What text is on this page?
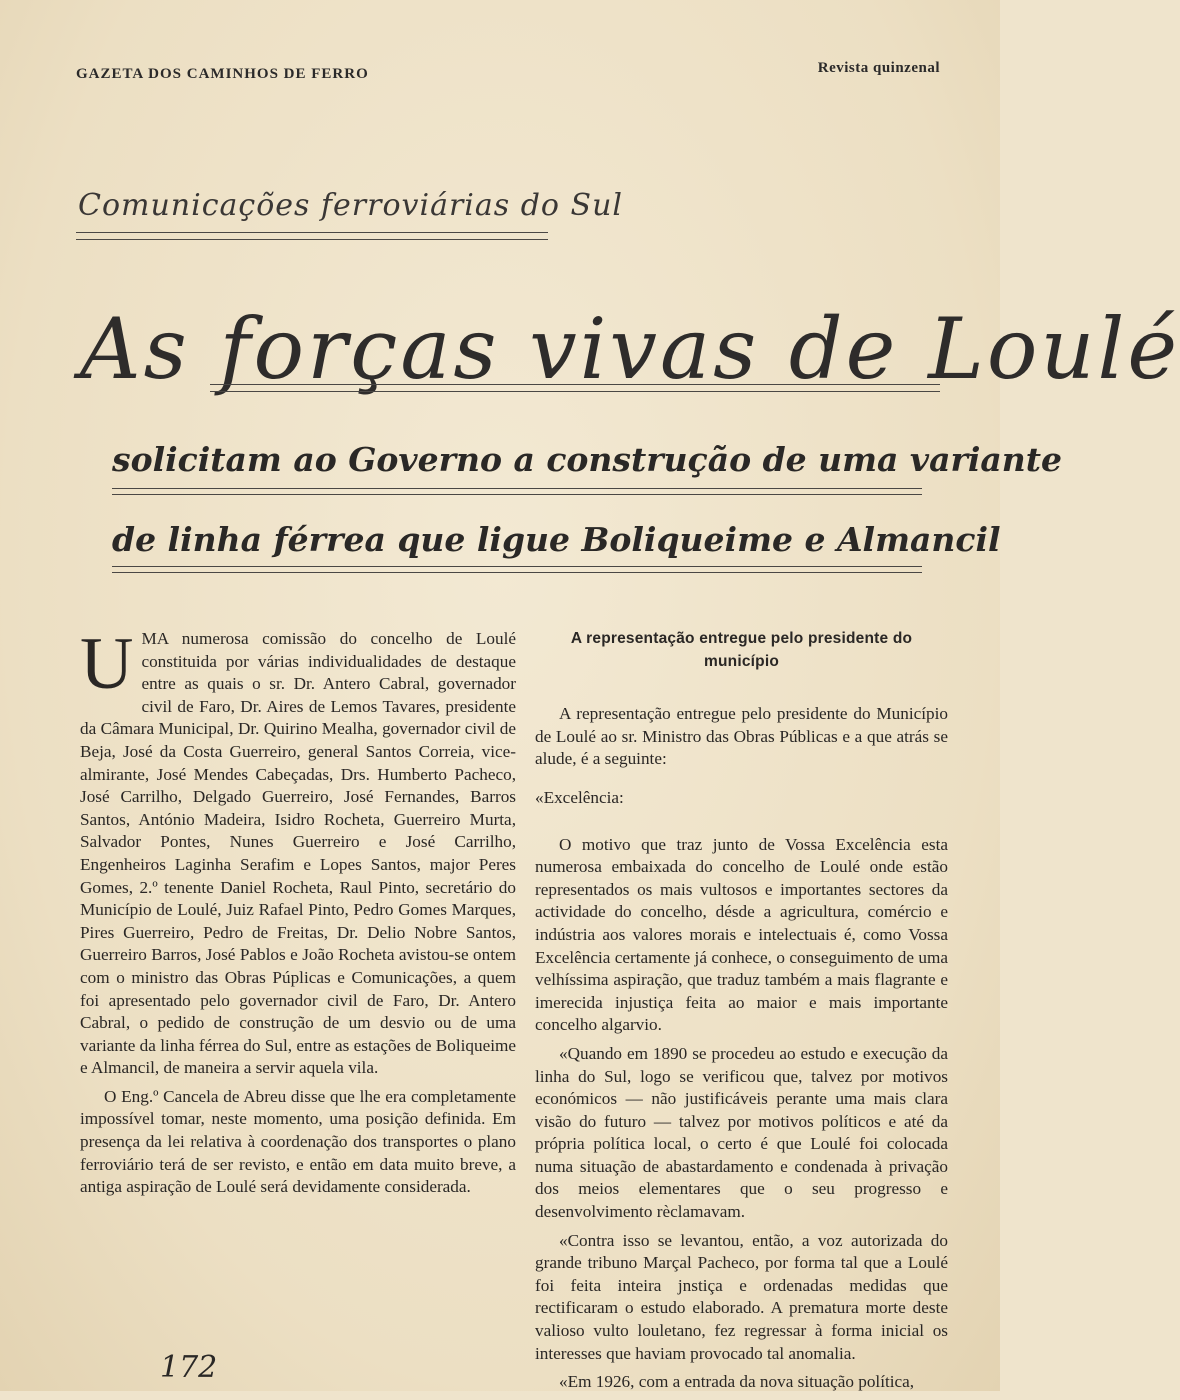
GAZETA DOS CAMINHOS DE FERRO	Revista quinzenal
Comunicações ferroviárias do Sul
As forças vivas de Loulé
solicitam ao Governo a construção de uma variante
de linha férrea que ligue Boliqueime e Almancil

UMA numerosa comissão do concelho de Loulé constituida por várias individualidades de destaque entre as quais o sr. Dr. Antero Cabral, governador civil de Faro, Dr. Aires de Lemos Tavares, presidente da Câmara Municipal, Dr. Quirino Mealha, governador civil de Beja, José da Costa Guerreiro, general Santos Correia, vice-almirante, José Mendes Cabeçadas, Drs. Humberto Pacheco, José Carrilho, Delgado Guerreiro, José Fernandes, Barros Santos, António Madeira, Isidro Rocheta, Guerreiro Murta, Salvador Pontes, Nunes Guerreiro e José Carrilho, Engenheiros Laginha Serafim e Lopes Santos, major Peres Gomes, 2.º tenente Daniel Rocheta, Raul Pinto, secretário do Município de Loulé, Juiz Rafael Pinto, Pedro Gomes Marques, Pires Guerreiro, Pedro de Freitas, Dr. Delio Nobre Santos, Guerreiro Barros, José Pablos e João Rocheta avistou-se ontem com o ministro das Obras Púplicas e Comunicações, a quem foi apresentado pelo governador civil de Faro, Dr. Antero Cabral, o pedido de construção de um desvio ou de uma variante da linha férrea do Sul, entre as estações de Boliqueime e Almancil, de maneira a servir aquela vila.

O Eng.º Cancela de Abreu disse que lhe era completamente impossível tomar, neste momento, uma posição definida. Em presença da lei relativa à coordenação dos transportes o plano ferroviário terá de ser revisto, e então em data muito breve, a antiga aspiração de Loulé será devidamente considerada.

A representação entregue pelo presidente do município

A representação entregue pelo presidente do Município de Loulé ao sr. Ministro das Obras Públicas e a que atrás se alude, é a seguinte:

«Excelência:

O motivo que traz junto de Vossa Excelência esta numerosa embaixada do concelho de Loulé onde estão representados os mais vultosos e importantes sectores da actividade do concelho, désde a agricultura, comércio e indústria aos valores morais e intelectuais é, como Vossa Excelência certamente já conhece, o conseguimento de uma velhíssima aspiração, que traduz também a mais flagrante e imerecida injustiça feita ao maior e mais importante concelho algarvio.

«Quando em 1890 se procedeu ao estudo e execução da linha do Sul, logo se verificou que, talvez por motivos económicos — não justificáveis perante uma mais clara visão do futuro — talvez por motivos políticos e até da própria política local, o certo é que Loulé foi colocada numa situação de abastardamento e condenada à privação dos meios elementares que o seu progresso e desenvolvimento rèclamavam.

«Contra isso se levantou, então, a voz autorizada do grande tribuno Marçal Pacheco, por forma tal que a Loulé foi feita inteira jnstiça e ordenadas medidas que rectificaram o estudo elaborado. A prematura morte deste valioso vulto louletano, fez regressar à forma inicial os interesses que haviam provocado tal anomalia.

«Em 1926, com a entrada da nova situação política,

172
